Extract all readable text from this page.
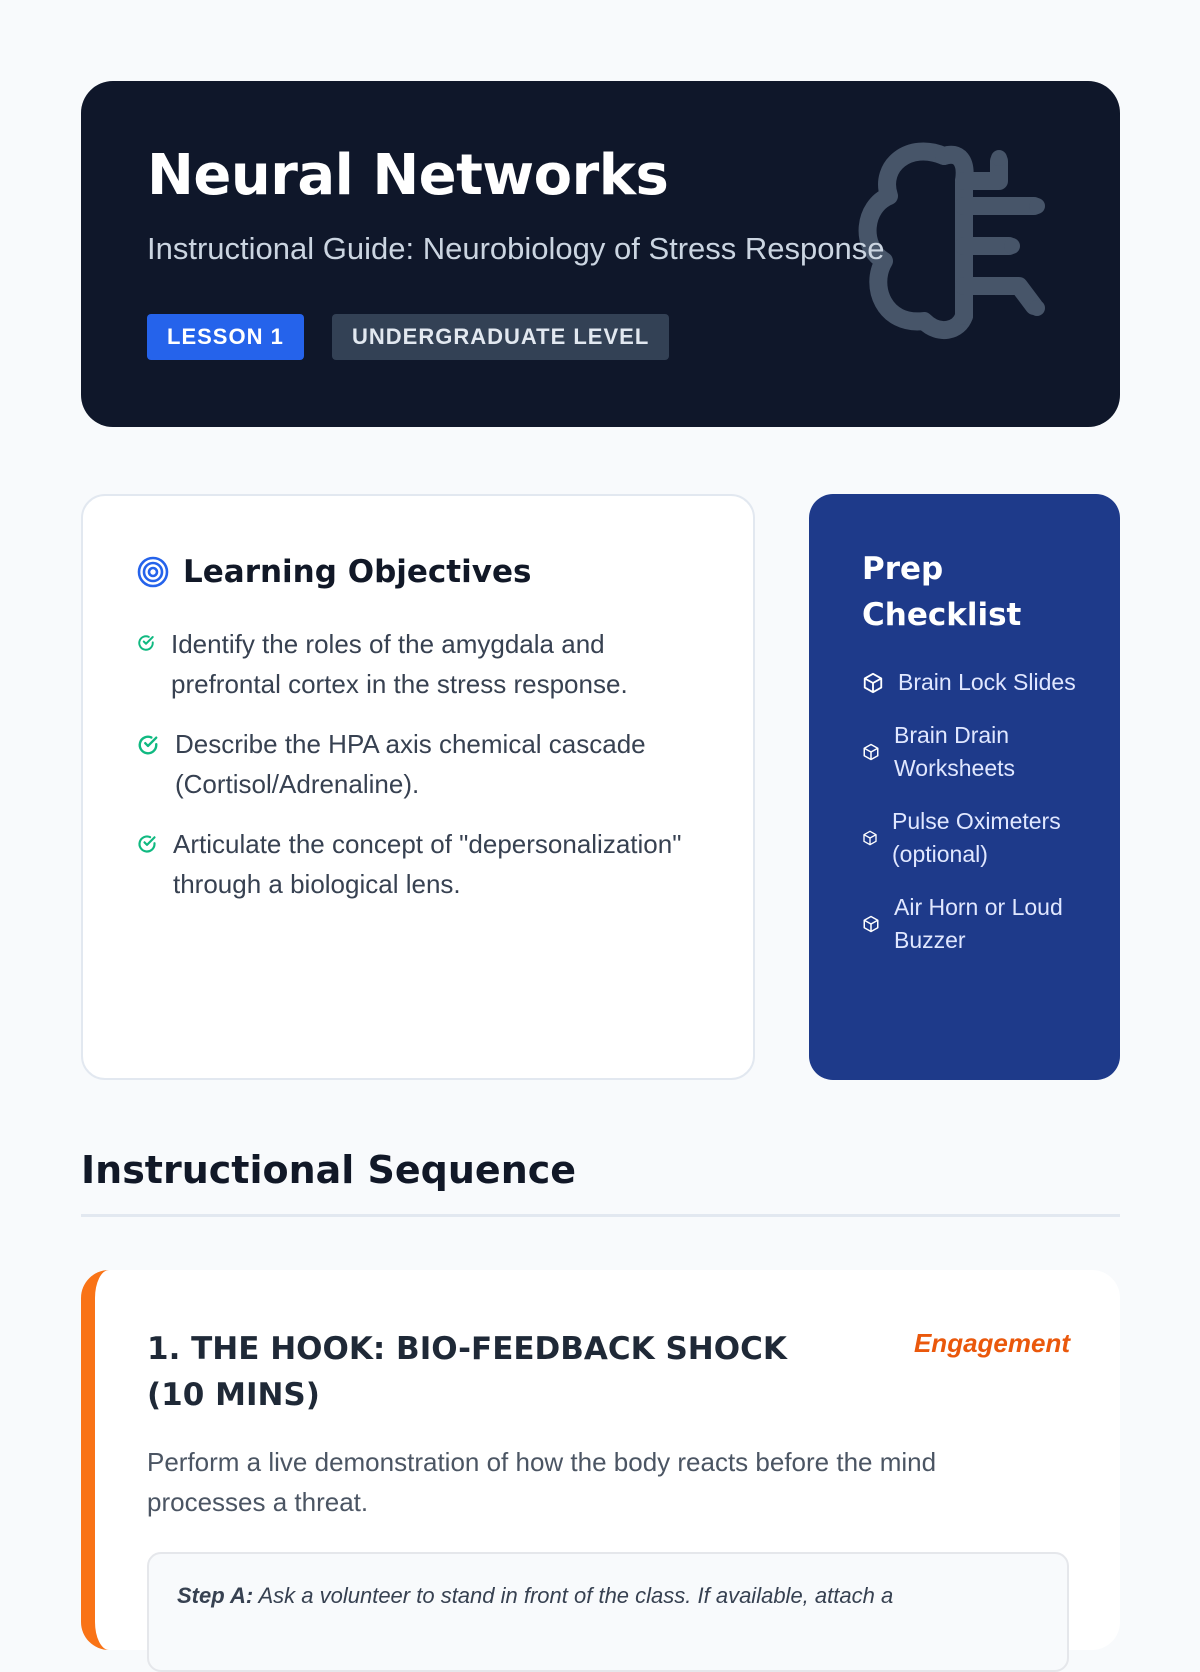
Neural Networks

Instructional Guide: Neurobiology of Stress Response

LESSON 1	UNDERGRADUATE LEVEL
Learning Objectives
Identify the roles of the amygdala and prefrontal cortex in the stress response.
Describe the HPA axis chemical cascade (Cortisol/Adrenaline).
Articulate the concept of "depersonalization" through a biological lens.
Prep Checklist
Brain Lock Slides
Brain Drain Worksheets
Pulse Oximeters (optional)
Air Horn or Loud Buzzer
Instructional Sequence
1. THE HOOK: BIO-FEEDBACK SHOCK (10 MINS)
Engagement

Perform a live demonstration of how the body reacts before the mind processes a threat.

Step A: Ask a volunteer to stand in front of the class. If available, attach a
